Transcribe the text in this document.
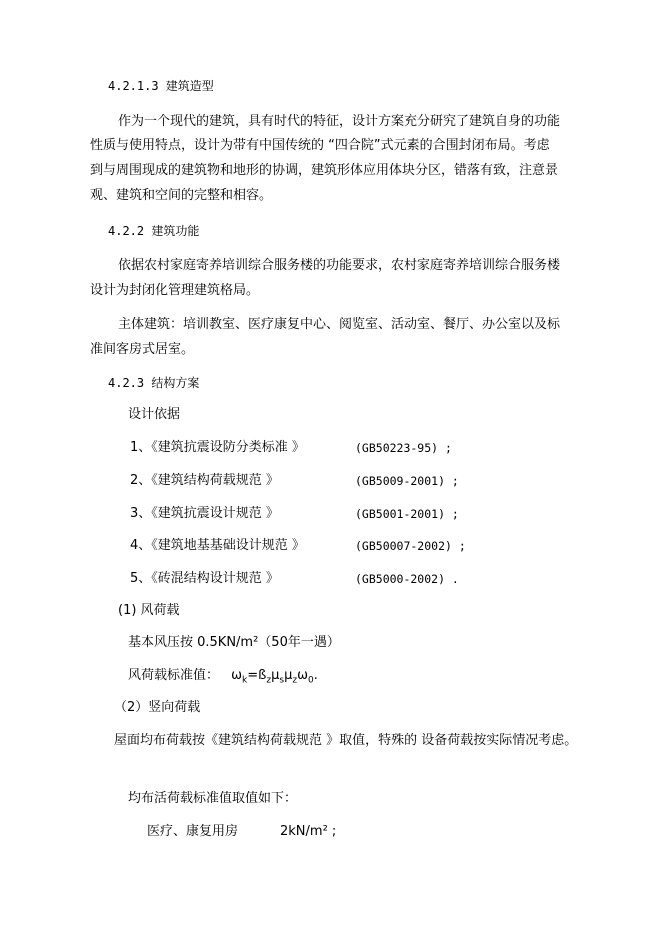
4.2.1.3 建筑造型
作为一个现代的建筑，具有时代的特征，设计方案充分研究了建筑自身的功能
性质与使用特点，设计为带有中国传统的 “四合院”式元素的合围封闭布局。考虑
到与周围现成的建筑物和地形的协调，建筑形体应用体块分区，错落有致，注意景
观、建筑和空间的完整和相容。
4.2.2 建筑功能
依据农村家庭寄养培训综合服务楼的功能要求，农村家庭寄养培训综合服务楼
设计为封闭化管理建筑格局。
主体建筑：培训教室、医疗康复中心、阅览室、活动室、餐厅、办公室以及标
准间客房式居室。
4.2.3 结构方案
设计依据
1、《建筑抗震设防分类标准 》	(GB50223-95) ;
2、《建筑结构荷载规范 》	(GB5009-2001) ;
3、《建筑抗震设计规范 》	(GB5001-2001) ;
4、《建筑地基基础设计规范 》	(GB50007-2002) ;
5、《砖混结构设计规范 》	(GB5000-2002) .
(1) 风荷载
基本风压按 0.5KN/m²（50年一遇）
风荷载标准值： $\omega_k=ß_z\mu_s\mu_z\omega_0$.
（2）竖向荷载
屋面均布荷载按《建筑结构荷载规范 》取值，特殊的 设备荷载按实际情况考虑。
均布活荷载标准值取值如下：
医疗、康复用房	2kN/m² ;
